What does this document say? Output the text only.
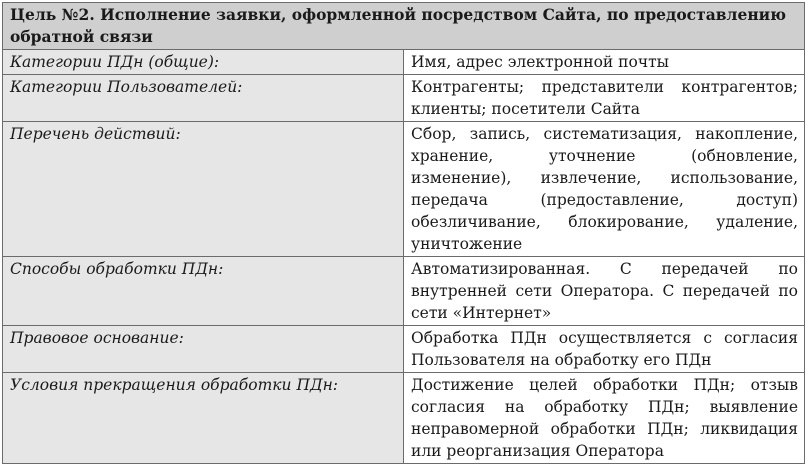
Цель №2. Исполнение заявки, оформленной посредством Сайта, по предоставлению обратной связи	
Категории ПДн (общие):	Имя, адрес электронной почты
Категории Пользователей:	Контрагенты; представители контрагентов; клиенты; посетители Сайта
Перечень действий:	Сбор, запись, систематизация, накопление, хранение, уточнение (обновление, изменение), извлечение, использование, передача (предоставление, доступ) обезличивание, блокирование, удаление, уничтожение
Способы обработки ПДн:	Автоматизированная. С передачей по внутренней сети Оператора. С передачей по сети «Интернет»
Правовое основание:	Обработка ПДн осуществляется с согласия Пользователя на обработку его ПДн
Условия прекращения обработки ПДн:	Достижение целей обработки ПДн; отзыв согласия на обработку ПДн; выявление неправомерной обработки ПДн; ликвидация или реорганизация Оператора
